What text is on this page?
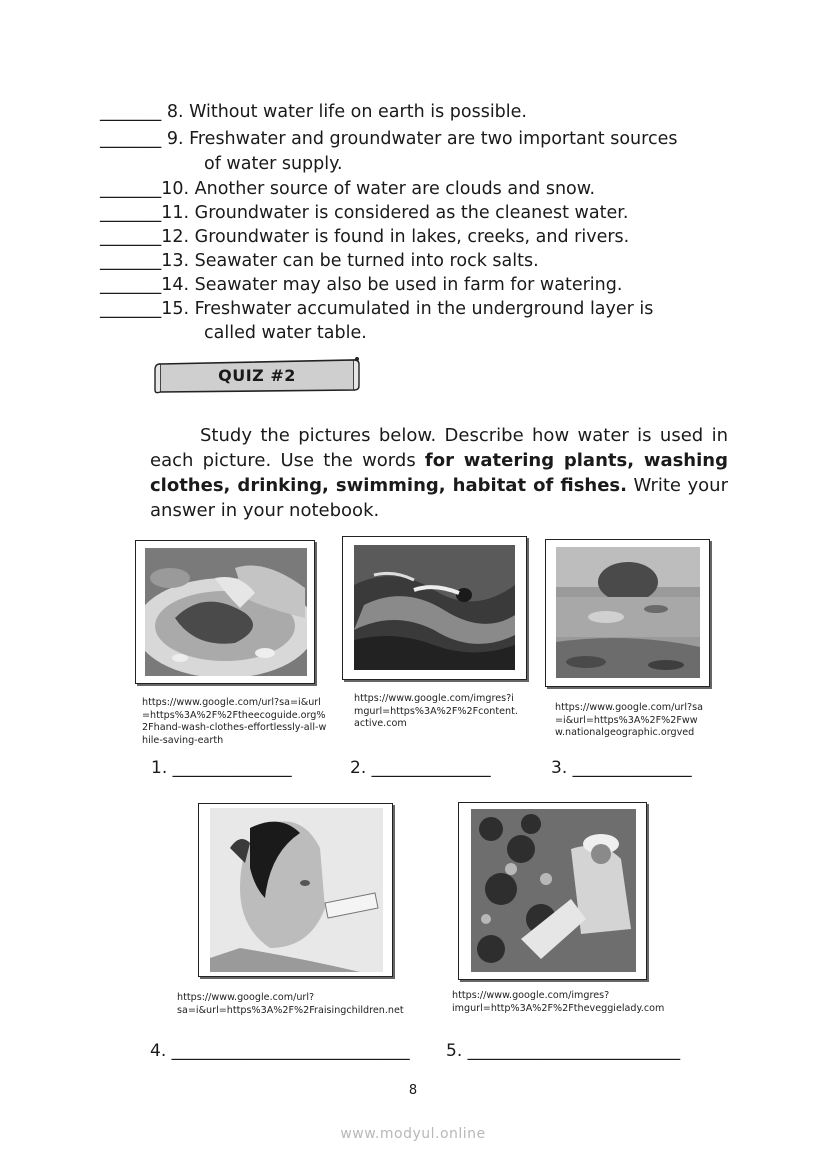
_______ 8. Without water life on earth is possible.
_______ 9. Freshwater and groundwater are two important sources
of water supply.
_______10. Another source of water are clouds and snow.
_______11. Groundwater is considered as the cleanest water.
_______12. Groundwater is found in lakes, creeks, and rivers.
_______13. Seawater can be turned into rock salts.
_______14. Seawater may also be used in farm for watering.
_______15. Freshwater accumulated in the underground layer is
called water table.
QUIZ #2

Study the pictures below. Describe how water is used in each picture. Use the words for watering plants, washing clothes, drinking, swimming, habitat of fishes. Write your answer in your notebook.

https://www.google.com/url?sa=i&url=https%3A%2F%2Ftheecoguide.org%2Fhand-wash-clothes-effortlessly-all-while-saving-earth
1. ______________
https://www.google.com/imgres?imgurl=https%3A%2F%2Fcontent.active.com
2. ______________
https://www.google.com/url?sa=i&url=https%3A%2F%2Fwww.nationalgeographic.orgved
3. ______________
https://www.google.com/url?sa=i&url=https%3A%2F%2Fraisingchildren.net
4. ____________________________
https://www.google.com/imgres?imgurl=http%3A%2F%2Ftheveggielady.com
5. _________________________
8
www.modyul.online
